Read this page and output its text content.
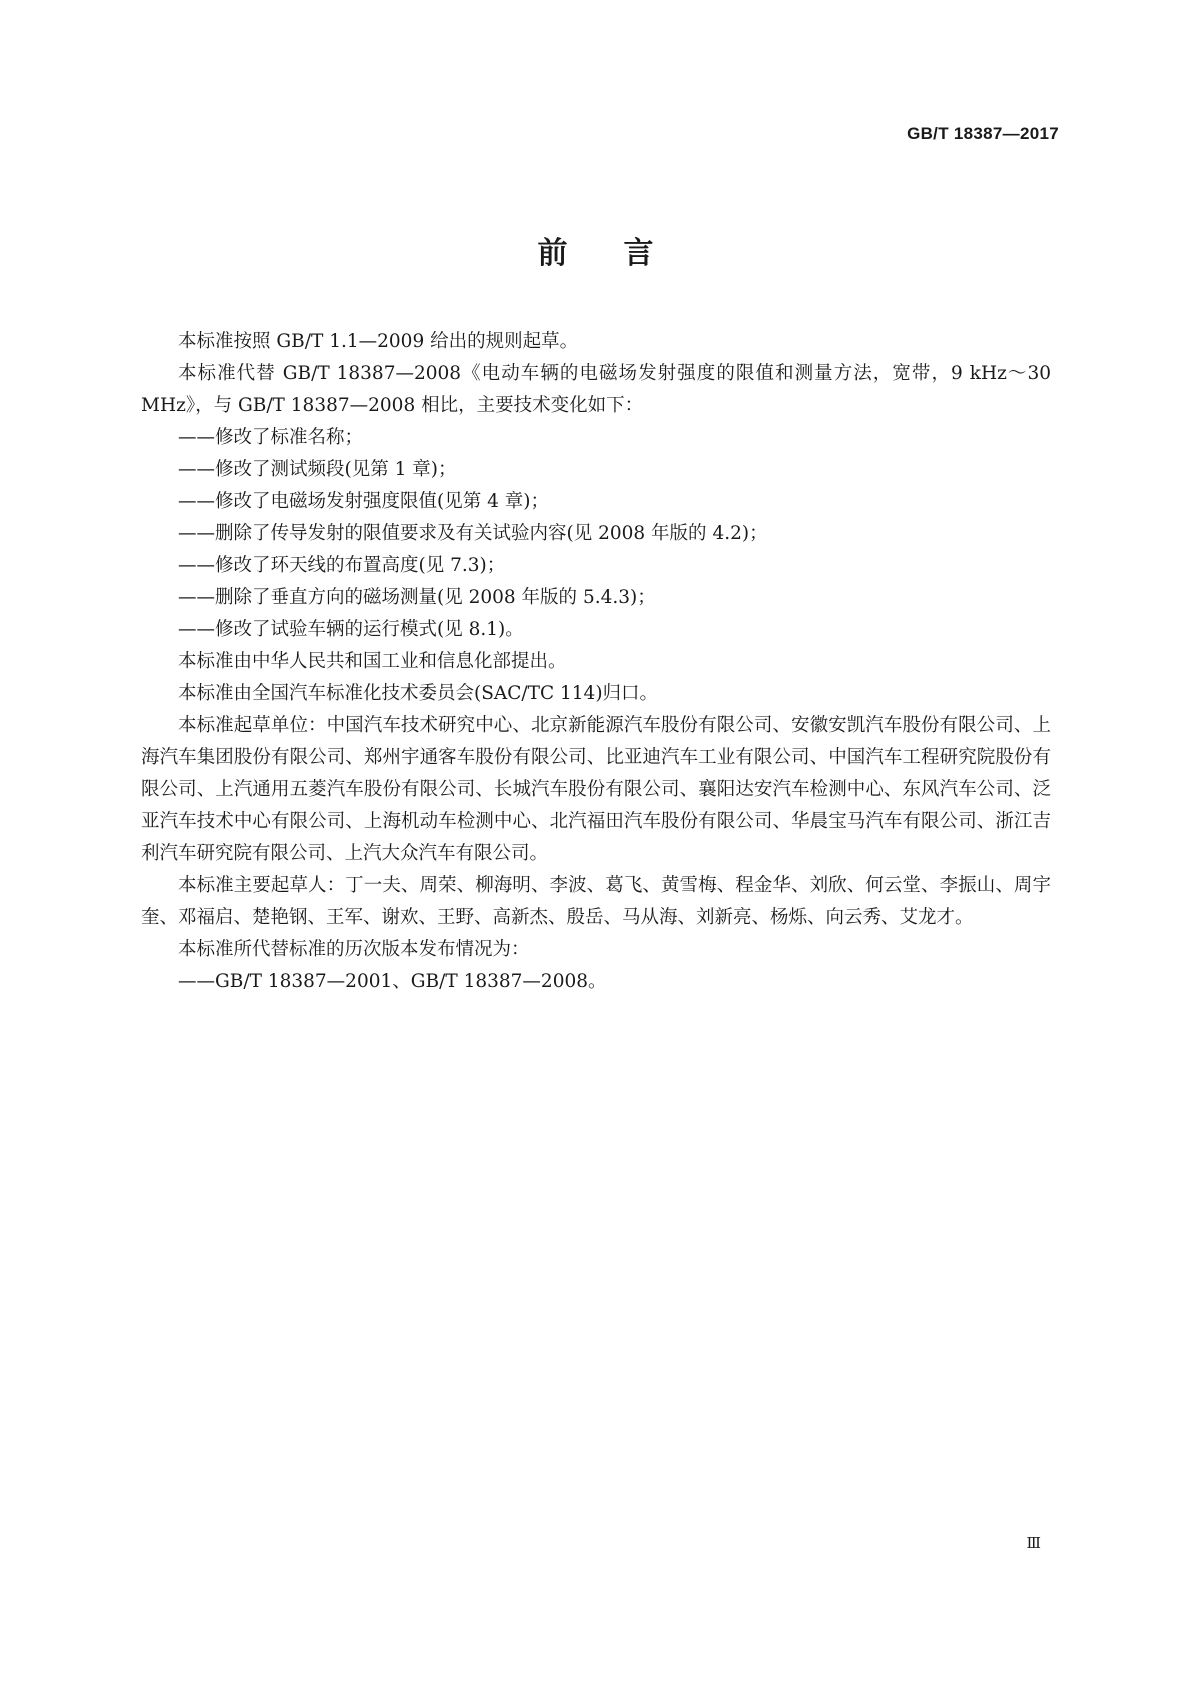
GB/T 18387—2017
前言

本标准按照 GB/T 1.1—2009 给出的规则起草。

本标准代替 GB/T 18387—2008《电动车辆的电磁场发射强度的限值和测量方法，宽带，9 kHz～30 MHz》，与 GB/T 18387—2008 相比，主要技术变化如下：

——修改了标准名称；

——修改了测试频段(见第 1 章)；

——修改了电磁场发射强度限值(见第 4 章)；

——删除了传导发射的限值要求及有关试验内容(见 2008 年版的 4.2)；

——修改了环天线的布置高度(见 7.3)；

——删除了垂直方向的磁场测量(见 2008 年版的 5.4.3)；

——修改了试验车辆的运行模式(见 8.1)。

本标准由中华人民共和国工业和信息化部提出。

本标准由全国汽车标准化技术委员会(SAC/TC 114)归口。

本标准起草单位：中国汽车技术研究中心、北京新能源汽车股份有限公司、安徽安凯汽车股份有限公司、上海汽车集团股份有限公司、郑州宇通客车股份有限公司、比亚迪汽车工业有限公司、中国汽车工程研究院股份有限公司、上汽通用五菱汽车股份有限公司、长城汽车股份有限公司、襄阳达安汽车检测中心、东风汽车公司、泛亚汽车技术中心有限公司、上海机动车检测中心、北汽福田汽车股份有限公司、华晨宝马汽车有限公司、浙江吉利汽车研究院有限公司、上汽大众汽车有限公司。

本标准主要起草人：丁一夫、周荣、柳海明、李波、葛飞、黄雪梅、程金华、刘欣、何云堂、李振山、周宇奎、邓福启、楚艳钢、王军、谢欢、王野、高新杰、殷岳、马从海、刘新亮、杨烁、向云秀、艾龙才。

本标准所代替标准的历次版本发布情况为：

——GB/T 18387—2001、GB/T 18387—2008。

Ⅲ
